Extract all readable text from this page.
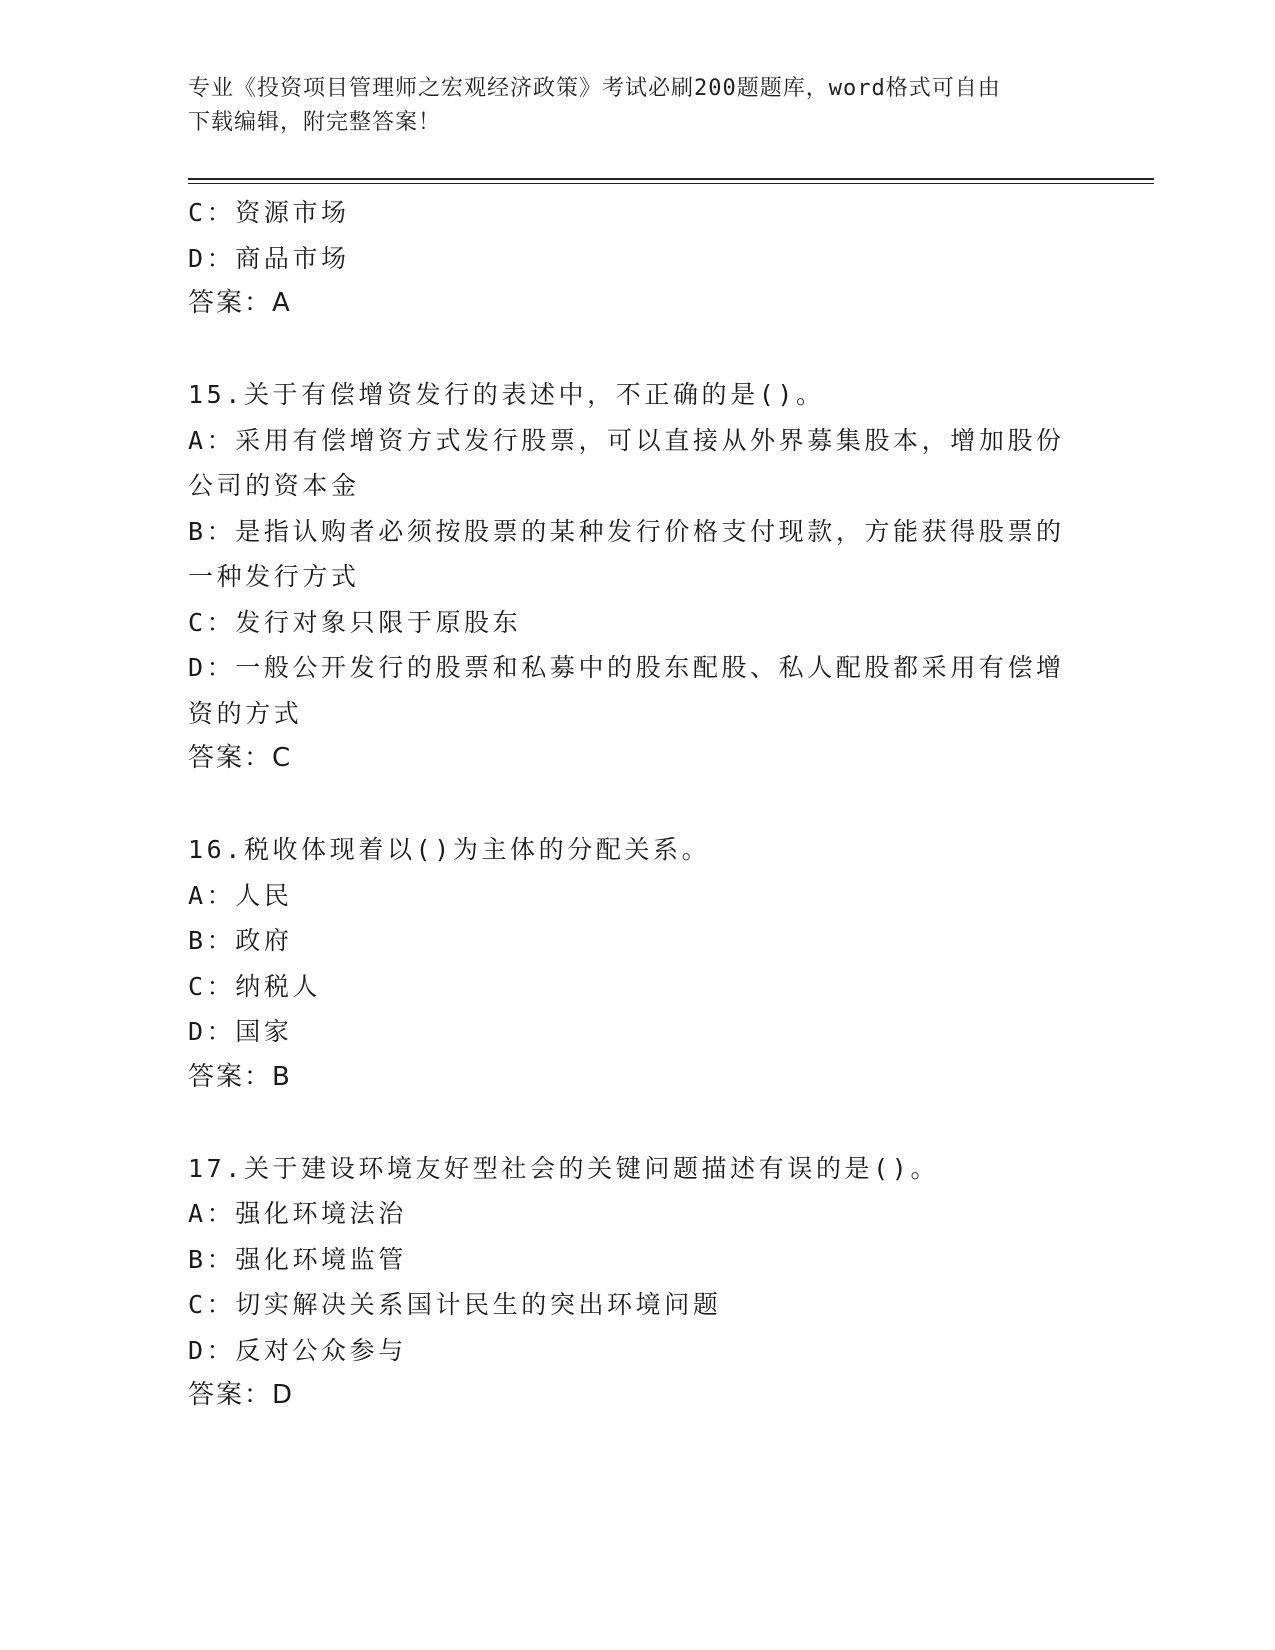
专业《投资项目管理师之宏观经济政策》考试必刷200题题库，word格式可自由
下载编辑，附完整答案！
C：资源市场
D：商品市场
答案：A
15.关于有偿增资发行的表述中，不正确的是()。
A：采用有偿增资方式发行股票，可以直接从外界募集股本，增加股份
公司的资本金
B：是指认购者必须按股票的某种发行价格支付现款，方能获得股票的
一种发行方式
C：发行对象只限于原股东
D：一般公开发行的股票和私募中的股东配股、私人配股都采用有偿增
资的方式
答案：C
16.税收体现着以()为主体的分配关系。
A：人民
B：政府
C：纳税人
D：国家
答案：B
17.关于建设环境友好型社会的关键问题描述有误的是()。
A：强化环境法治
B：强化环境监管
C：切实解决关系国计民生的突出环境问题
D：反对公众参与
答案：D
